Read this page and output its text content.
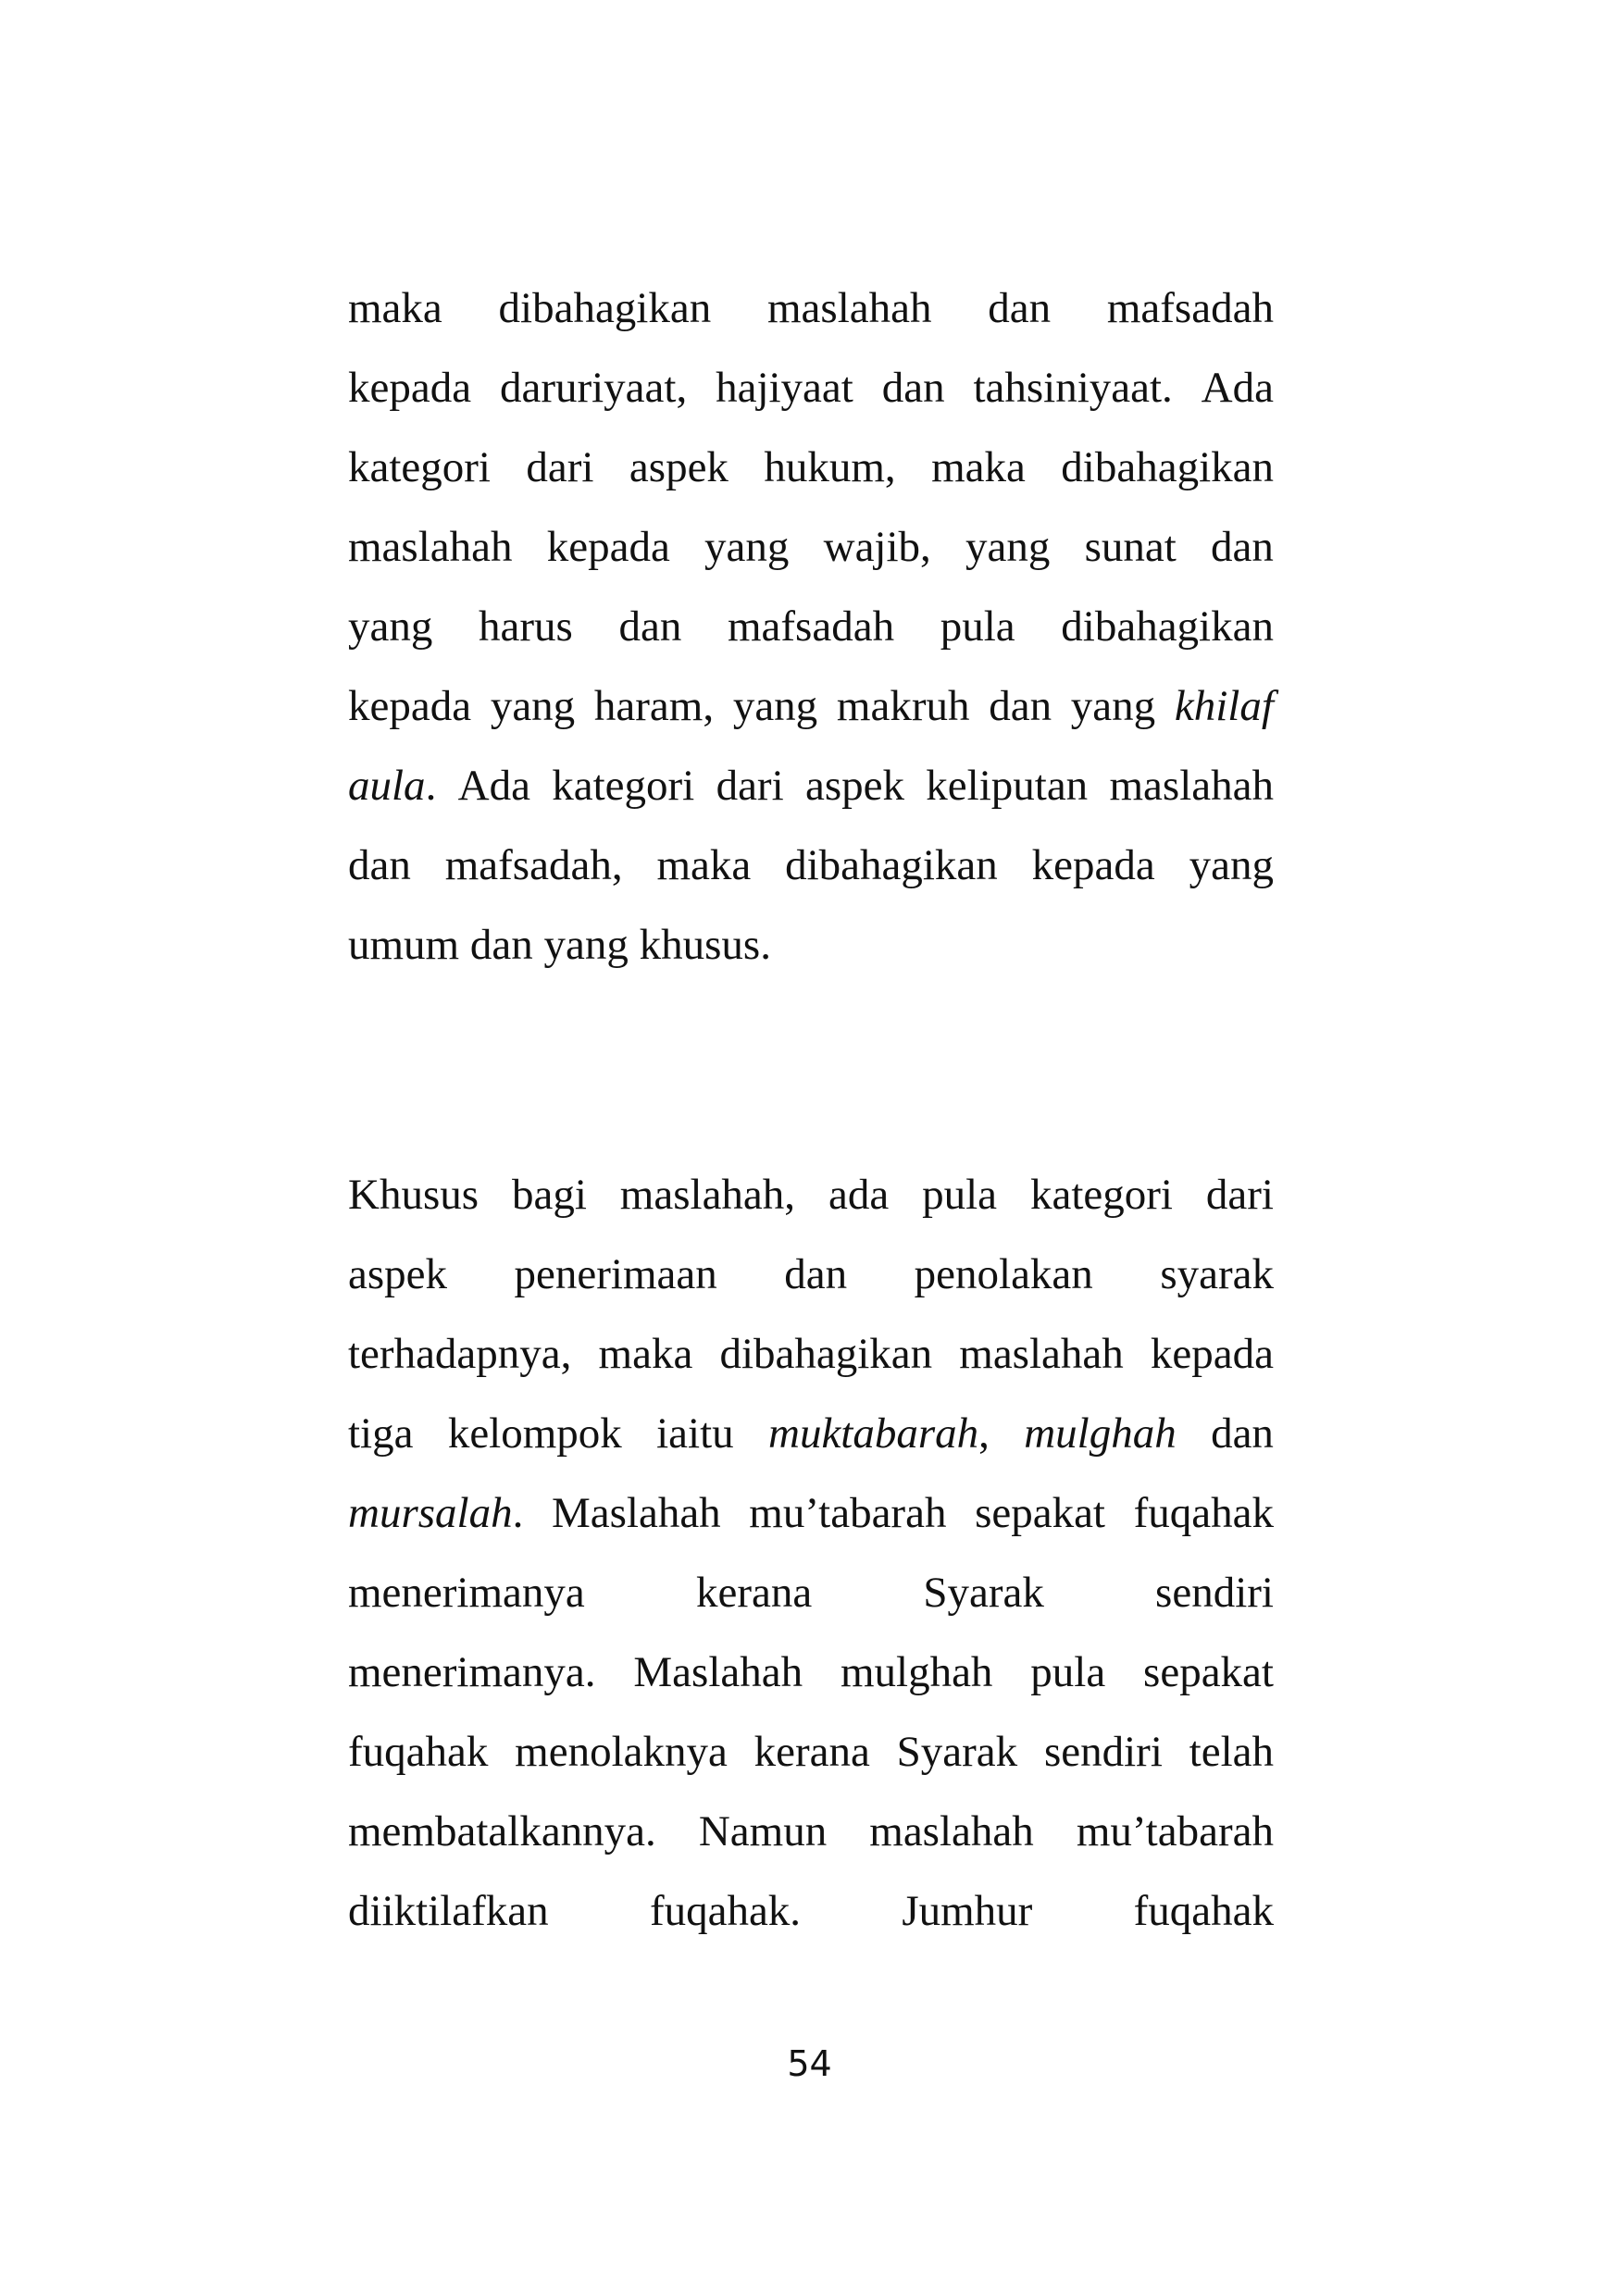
maka dibahagikan maslahah dan mafsadah
kepada daruriyaat, hajiyaat dan tahsiniyaat. Ada
kategori dari aspek hukum, maka dibahagikan
maslahah kepada yang wajib, yang sunat dan
yang harus dan mafsadah pula dibahagikan
kepada yang haram, yang makruh dan yang khilaf
aula. Ada kategori dari aspek keliputan maslahah
dan mafsadah, maka dibahagikan kepada yang
umum dan yang khusus.
Khusus bagi maslahah, ada pula kategori dari
aspek penerimaan dan penolakan syarak
terhadapnya, maka dibahagikan maslahah kepada
tiga kelompok iaitu muktabarah, mulghah dan
mursalah. Maslahah mu’tabarah sepakat fuqahak
menerimanya	kerana	Syarak	sendiri
menerimanya. Maslahah mulghah pula sepakat
fuqahak menolaknya kerana Syarak sendiri telah
membatalkannya. Namun maslahah mu’tabarah
diiktilafkan fuqahak. Jumhur fuqahak
54
